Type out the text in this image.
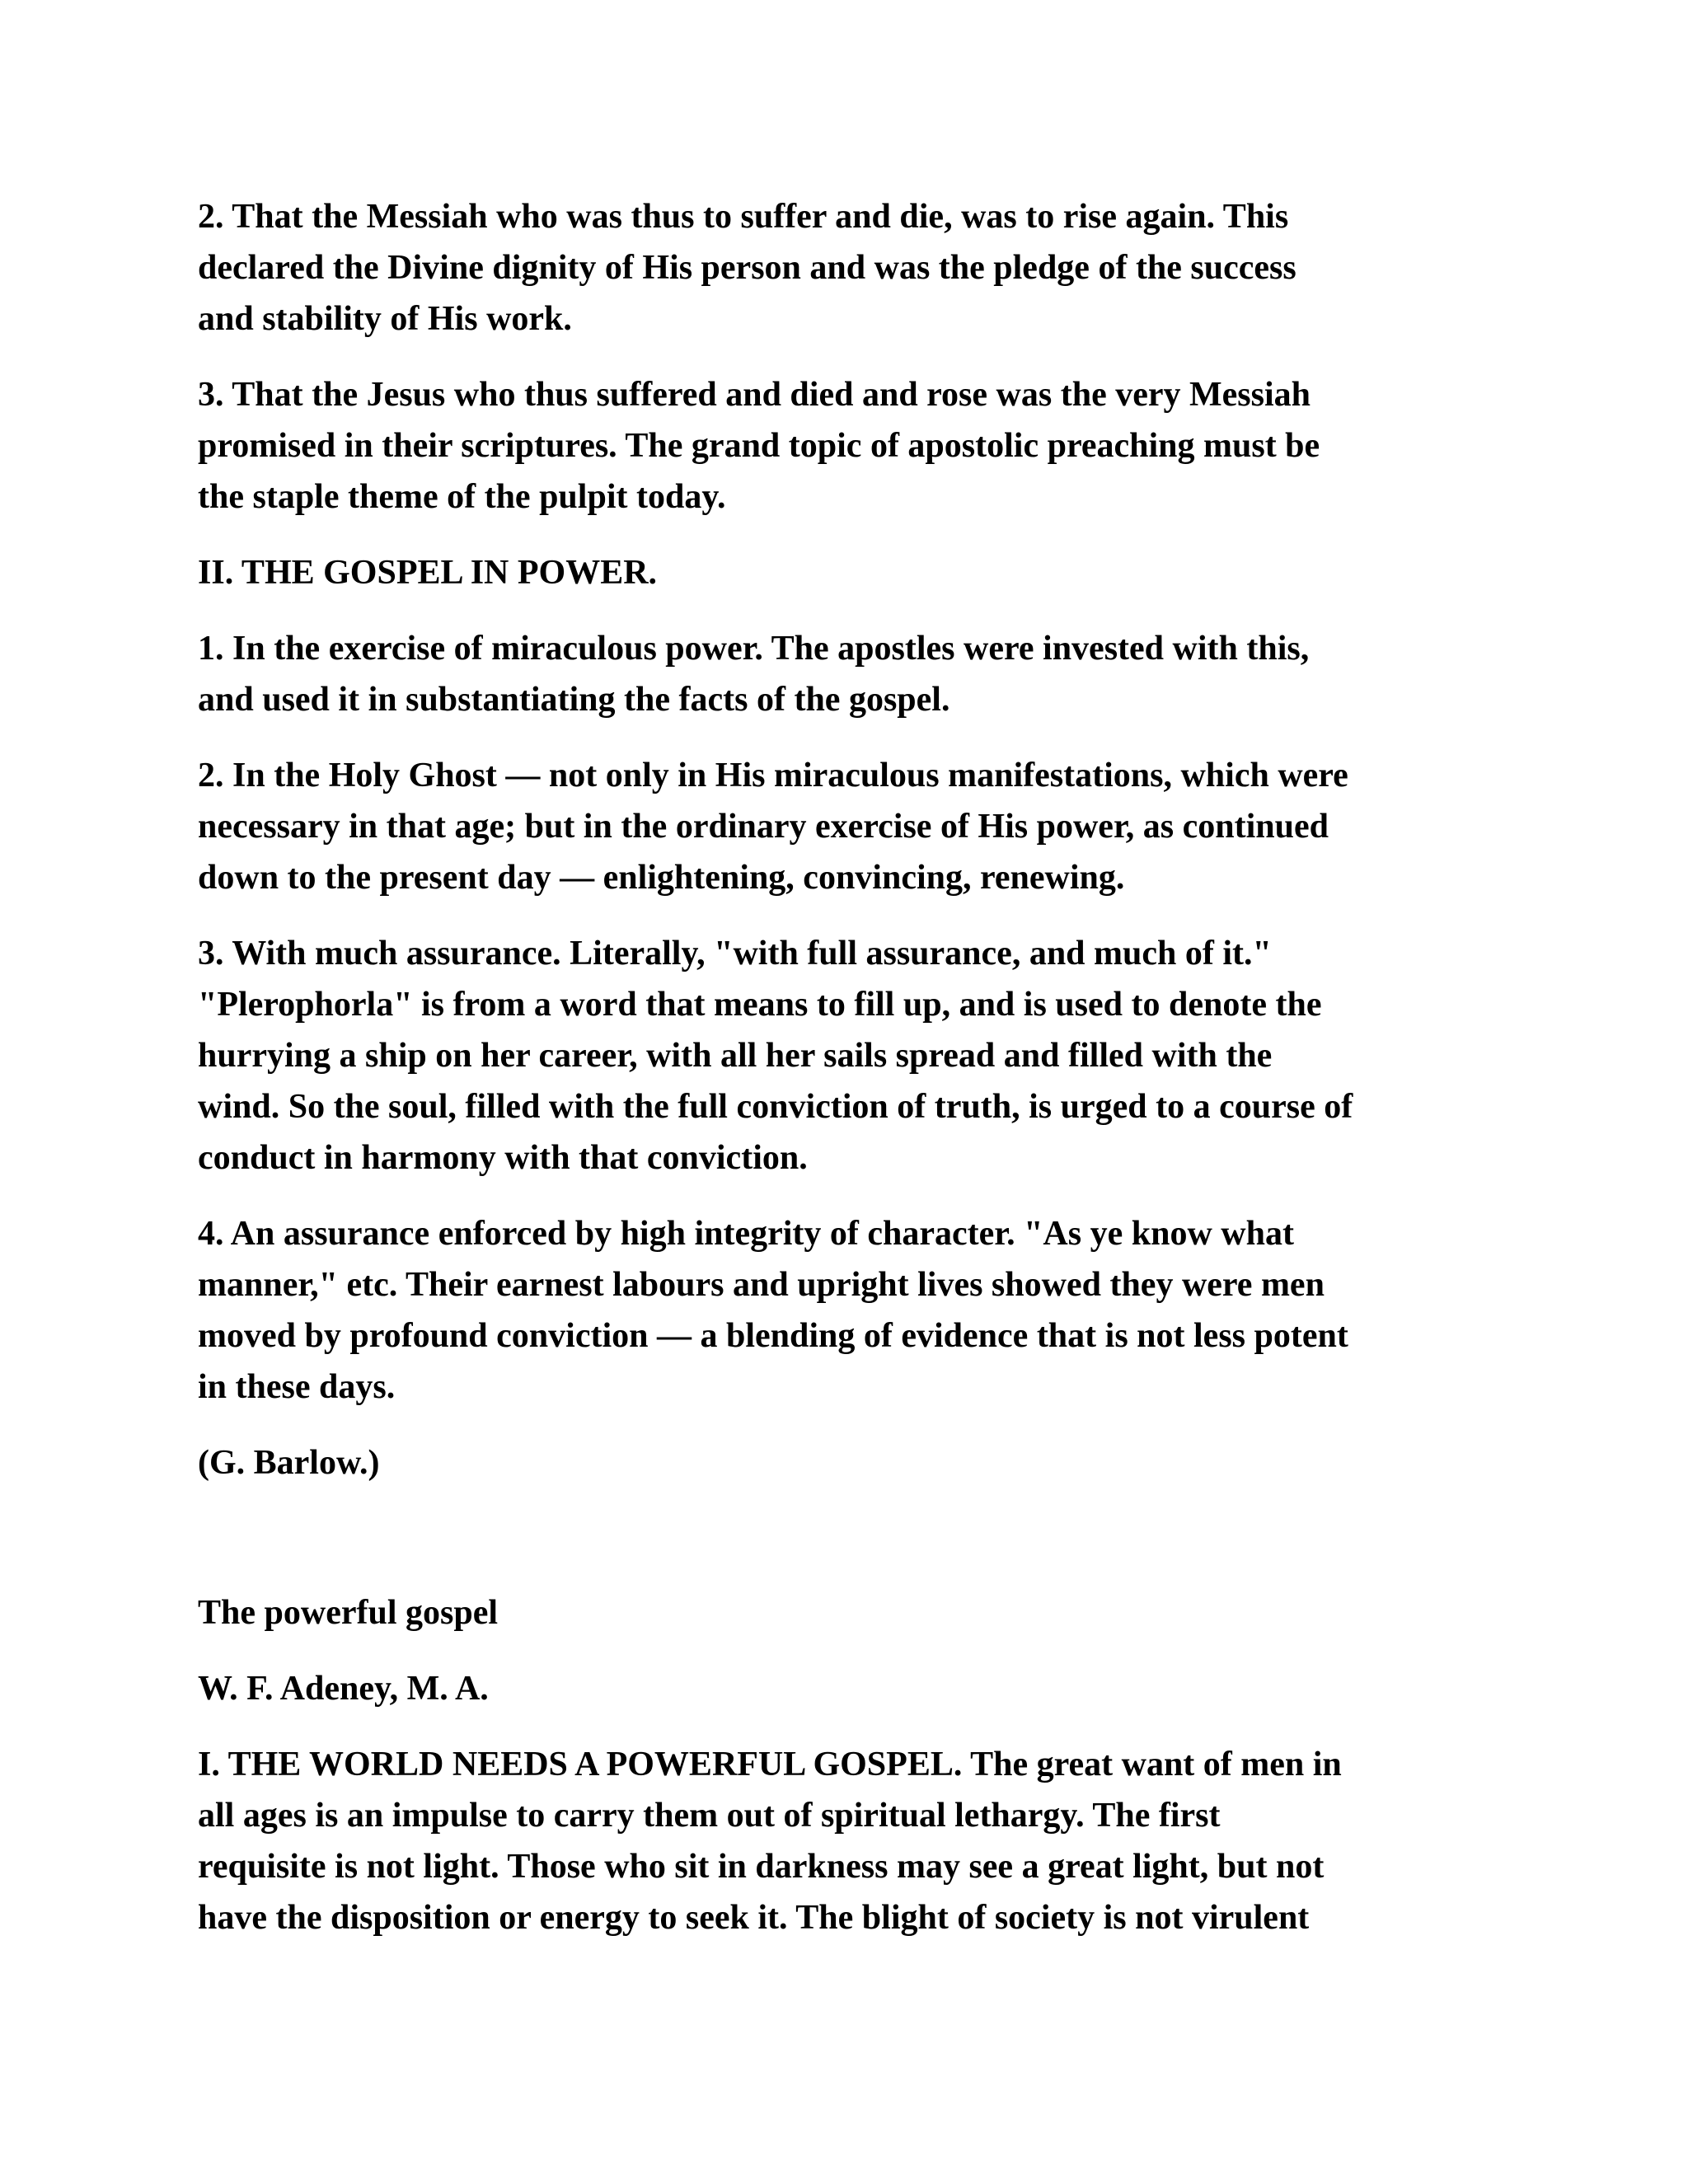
2. That the Messiah who was thus to suffer and die, was to rise again. This
declared the Divine dignity of His person and was the pledge of the success
and stability of His work.

3. That the Jesus who thus suffered and died and rose was the very Messiah
promised in their scriptures. The grand topic of apostolic preaching must be
the staple theme of the pulpit today.

II. THE GOSPEL IN POWER.

1. In the exercise of miraculous power. The apostles were invested with this,
and used it in substantiating the facts of the gospel.

2. In the Holy Ghost — not only in His miraculous manifestations, which were
necessary in that age; but in the ordinary exercise of His power, as continued
down to the present day — enlightening, convincing, renewing.

3. With much assurance. Literally, "with full assurance, and much of it."
"Plerophorla" is from a word that means to fill up, and is used to denote the
hurrying a ship on her career, with all her sails spread and filled with the
wind. So the soul, filled with the full conviction of truth, is urged to a course of
conduct in harmony with that conviction.

4. An assurance enforced by high integrity of character. "As ye know what
manner," etc. Their earnest labours and upright lives showed they were men
moved by profound conviction — a blending of evidence that is not less potent
in these days.

(G. Barlow.)

The powerful gospel

W. F. Adeney, M. A.

I. THE WORLD NEEDS A POWERFUL GOSPEL. The great want of men in
all ages is an impulse to carry them out of spiritual lethargy. The first
requisite is not light. Those who sit in darkness may see a great light, but not
have the disposition or energy to seek it. The blight of society is not virulent
